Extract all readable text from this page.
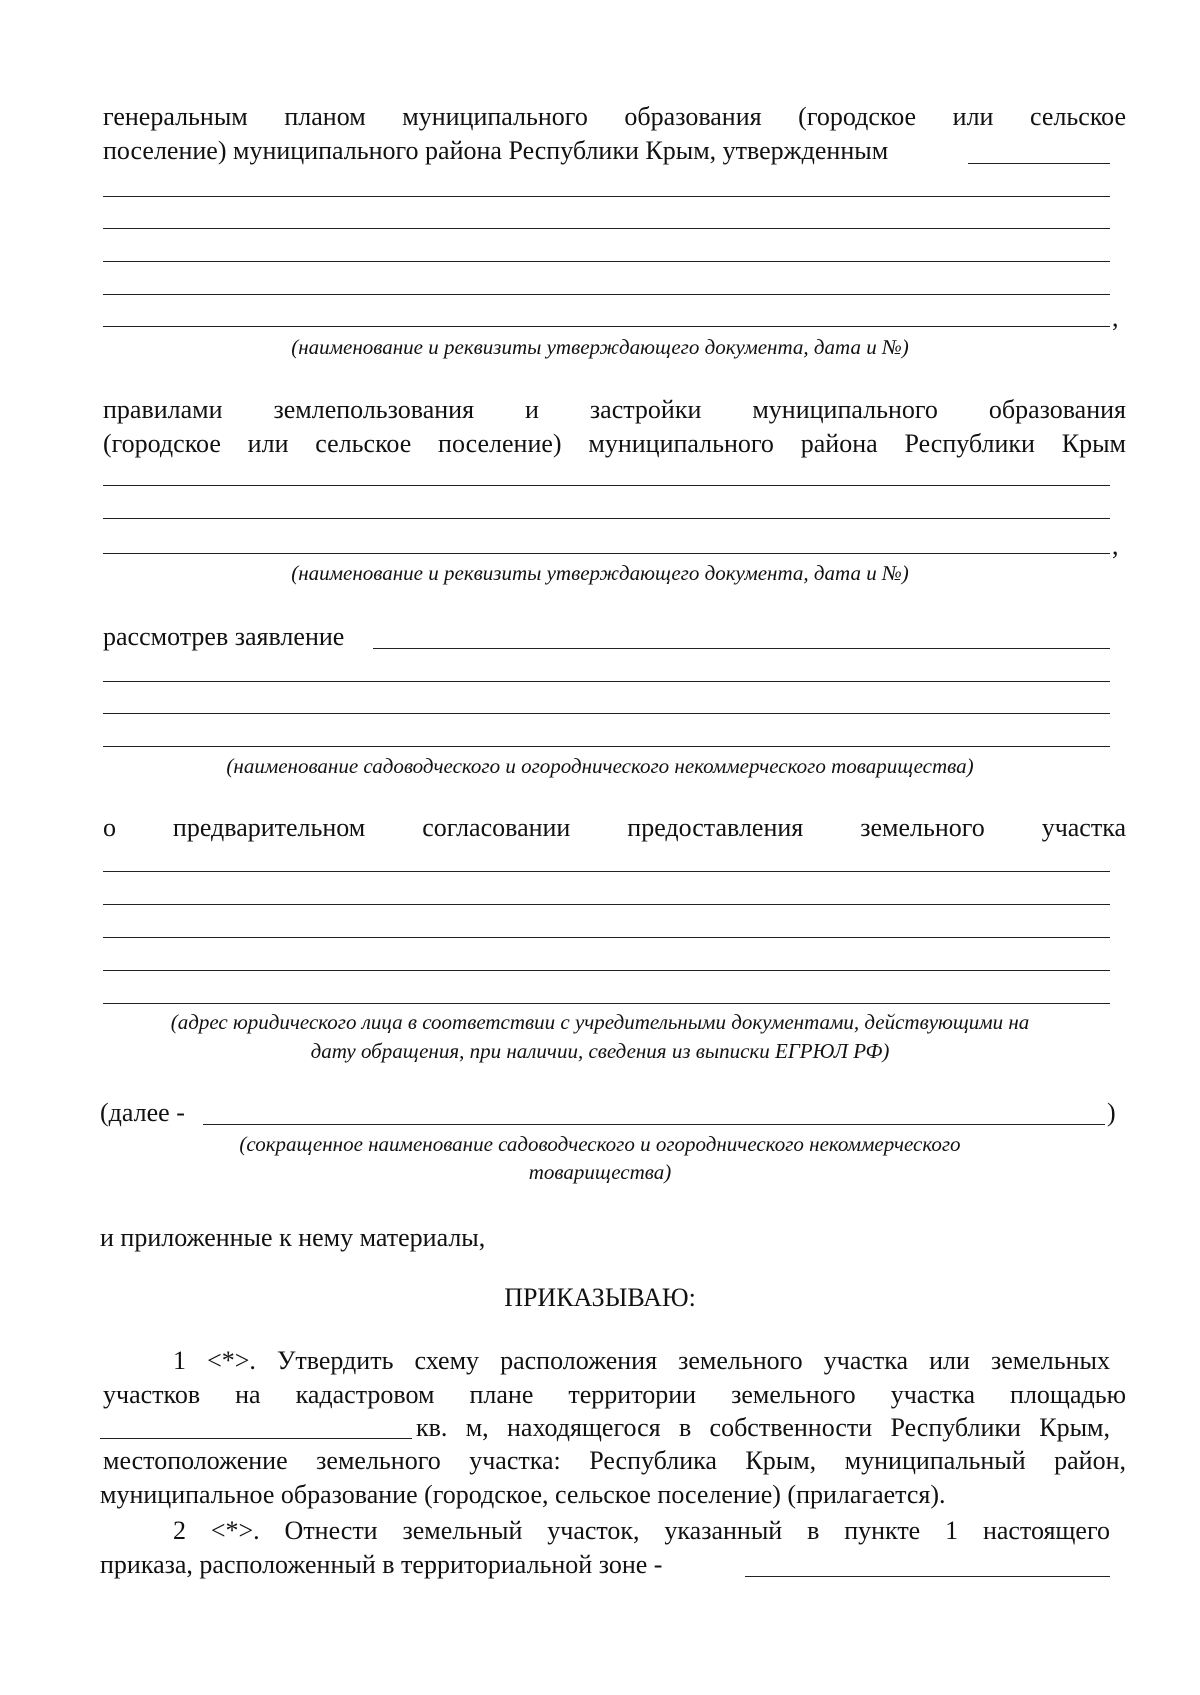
генеральным планом муниципального образования (городское или сельское
поселение) муниципального района Республики Крым, утвержденным
,
(наименование и реквизиты утверждающего документа, дата и №)
правилами землепользования и застройки муниципального образования
(городское или сельское поселение) муниципального района Республики Крым
,
(наименование и реквизиты утверждающего документа, дата и №)
рассмотрев заявление
(наименование садоводческого и огороднического некоммерческого товарищества)
о предварительном согласовании предоставления земельного участка
(адрес юридического лица в соответствии с учредительными документами, действующими на
дату обращения, при наличии, сведения из выписки ЕГРЮЛ РФ)
(далее -	)
(сокращенное наименование садоводческого и огороднического некоммерческого
товарищества)
и приложенные к нему материалы,
ПРИКАЗЫВАЮ:
1 <*>. Утвердить схему расположения земельного участка или земельных
участков на кадастровом плане территории земельного участка площадью
кв. м, находящегося в собственности Республики Крым,
местоположение земельного участка: Республика Крым, муниципальный район,
муниципальное образование (городское, сельское поселение) (прилагается).
2 <*>. Отнести земельный участок, указанный в пункте 1 настоящего
приказа, расположенный в территориальной зоне -
